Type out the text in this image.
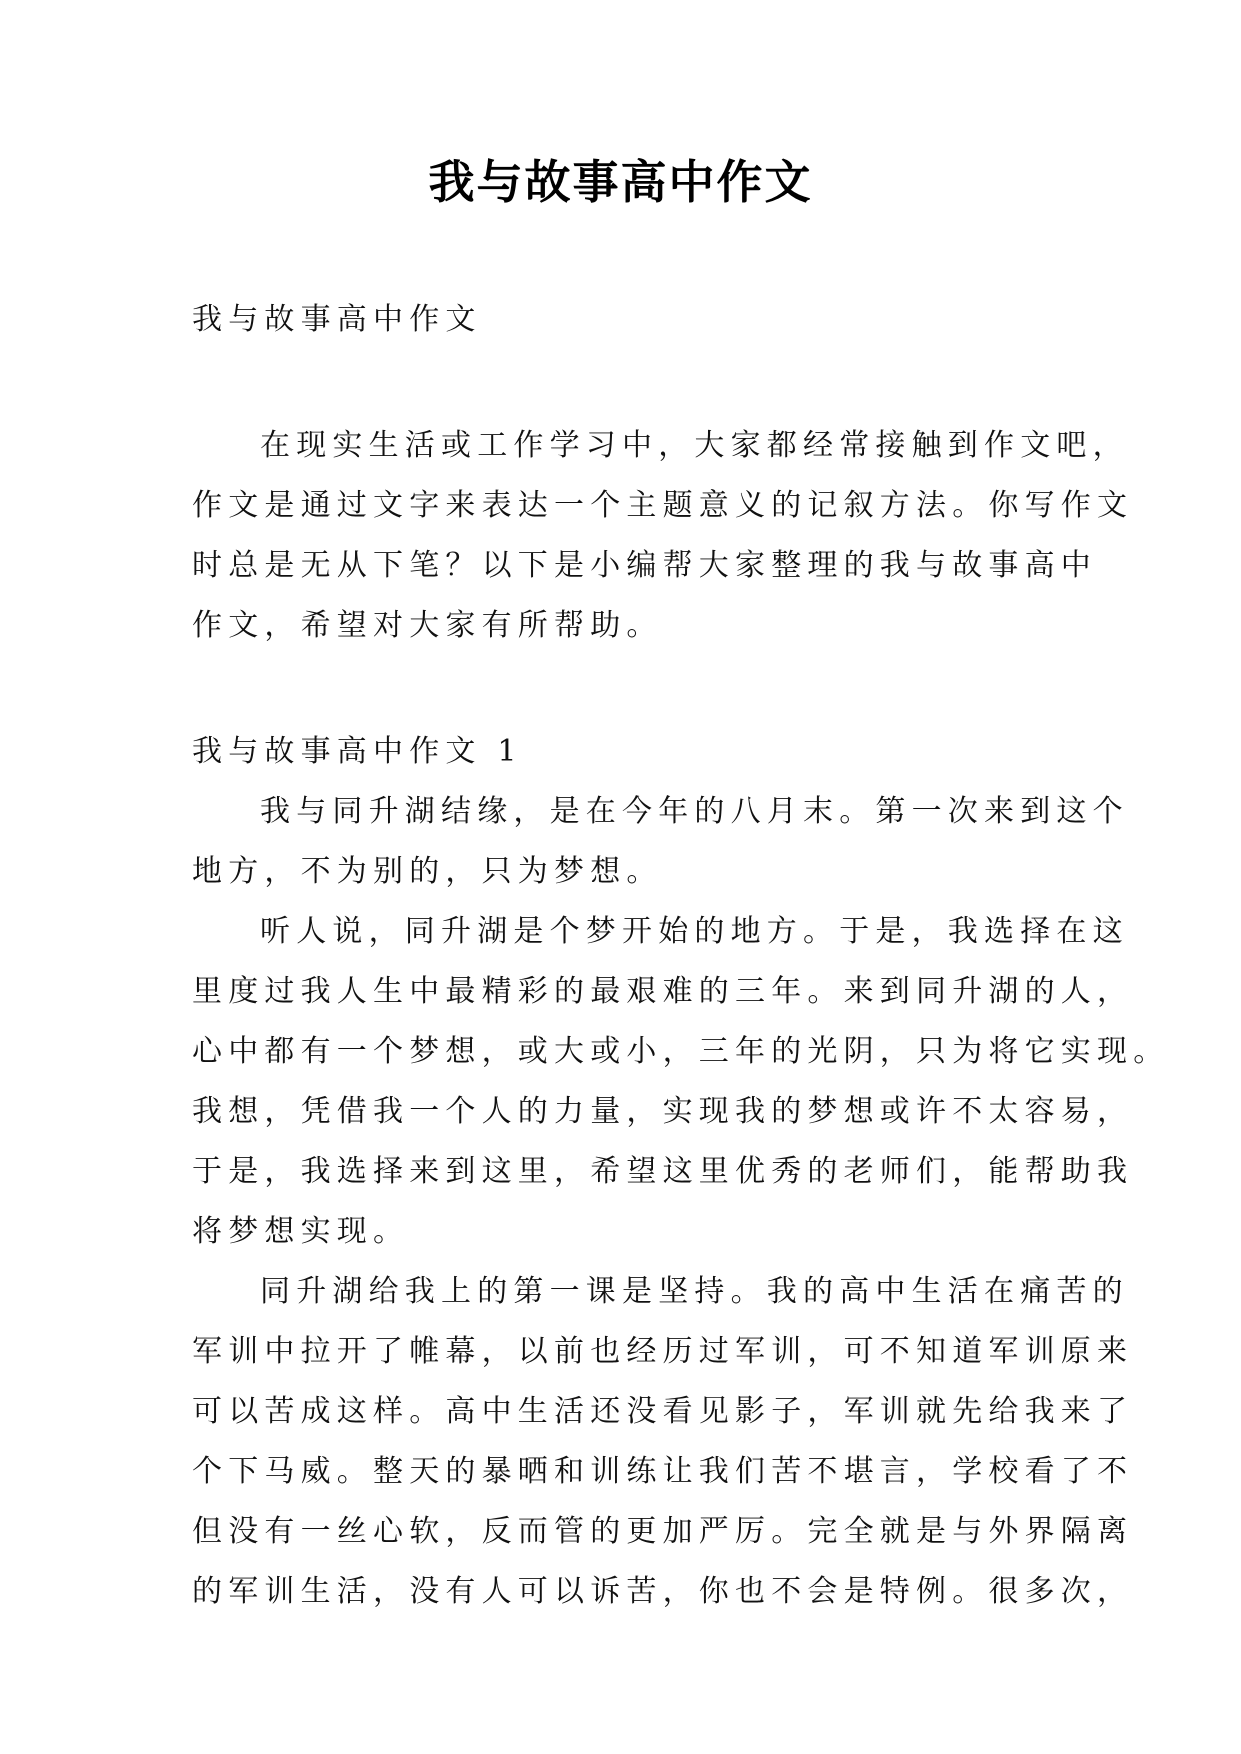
我与故事高中作文
我与故事高中作文
在现实生活或工作学习中，大家都经常接触到作文吧，
作文是通过文字来表达一个主题意义的记叙方法。你写作文
时总是无从下笔？以下是小编帮大家整理的我与故事高中
作文，希望对大家有所帮助。
我与故事高中作文 1
我与同升湖结缘，是在今年的八月末。第一次来到这个
地方，不为别的，只为梦想。
听人说，同升湖是个梦开始的地方。于是，我选择在这
里度过我人生中最精彩的最艰难的三年。来到同升湖的人，
心中都有一个梦想，或大或小，三年的光阴，只为将它实现。
我想，凭借我一个人的力量，实现我的梦想或许不太容易，
于是，我选择来到这里，希望这里优秀的老师们，能帮助我
将梦想实现。
同升湖给我上的第一课是坚持。我的高中生活在痛苦的
军训中拉开了帷幕，以前也经历过军训，可不知道军训原来
可以苦成这样。高中生活还没看见影子，军训就先给我来了
个下马威。整天的暴晒和训练让我们苦不堪言，学校看了不
但没有一丝心软，反而管的更加严厉。完全就是与外界隔离
的军训生活，没有人可以诉苦，你也不会是特例。很多次，
